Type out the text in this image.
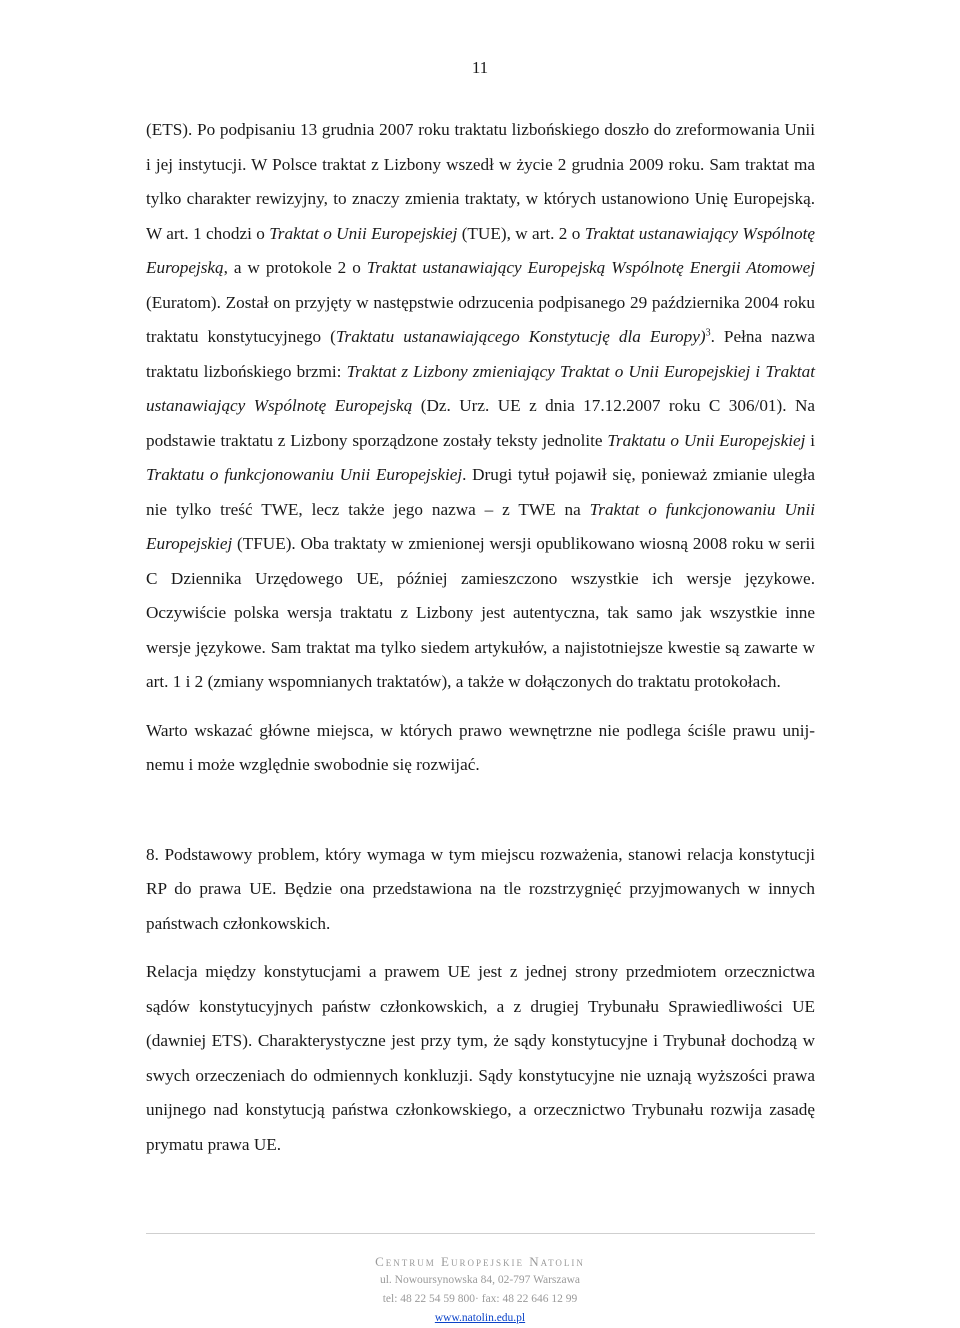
11

(ETS). Po podpisaniu 13 grudnia 2007 roku traktatu lizbońskiego doszło do zreformowania Unii i jej instytucji. W Polsce traktat z Lizbony wszedł w życie 2 grudnia 2009 roku. Sam traktat ma tylko charakter rewizyjny, to znaczy zmienia traktaty, w których ustanowiono Unię Europejską. W art. 1 chodzi o Traktat o Unii Europejskiej (TUE), w art. 2 o Traktat ustanawiający Wspólnotę Europejską, a w protokole 2 o Traktat ustanawiający Europejską Wspólnotę Energii Atomowej (Euratom). Został on przyjęty w następstwie odrzucenia podpisanego 29 października 2004 roku traktatu konstytucyjnego (Traktatu ustanawiającego Konstytucję dla Europy)$^3$. Pełna nazwa traktatu lizbońskiego brzmi: Traktat z Lizbony zmieniający Traktat o Unii Europejskiej i Traktat ustanawiający Wspólnotę Europejską (Dz. Urz. UE z dnia 17.12.2007 roku C 306/01). Na podstawie traktatu z Lizbony sporządzone zostały teksty jednolite Traktatu o Unii Europejskiej i Traktatu o funkcjonowaniu Unii Europejskiej. Drugi tytuł pojawił się, ponieważ zmianie uległa nie tylko treść TWE, lecz także jego nazwa – z TWE na Traktat o funkcjonowaniu Unii Europejskiej (TFUE). Oba traktaty w zmienionej wersji opublikowano wiosną 2008 roku w serii C Dziennika Urzędowego UE, później zamieszczono wszystkie ich wersje językowe. Oczywiście polska wersja traktatu z Lizbony jest autentyczna, tak samo jak wszystkie inne wersje językowe. Sam traktat ma tylko siedem artykułów, a najistotniejsze kwestie są zawarte w art. 1 i 2 (zmiany wspomnianych traktatów), a także w dołączonych do traktatu protokołach.

Warto wskazać główne miejsca, w których prawo wewnętrzne nie podlega ściśle prawu unijnemu i może względnie swobodnie się rozwijać.

8. Podstawowy problem, który wymaga w tym miejscu rozważenia, stanowi relacja konstytucji RP do prawa UE. Będzie ona przedstawiona na tle rozstrzygnięć przyjmowanych w innych państwach członkowskich.

Relacja między konstytucjami a prawem UE jest z jednej strony przedmiotem orzecznictwa sądów konstytucyjnych państw członkowskich, a z drugiej Trybunału Sprawiedliwości UE (dawniej ETS). Charakterystyczne jest przy tym, że sądy konstytucyjne i Trybunał dochodzą w swych orzeczeniach do odmiennych konkluzji. Sądy konstytucyjne nie uznają wyższości prawa unijnego nad konstytucją państwa członkowskiego, a orzecznictwo Trybunału rozwija zasadę prymatu prawa UE.

Centrum Europejskie Natolin
ul. Nowoursynowska 84, 02-797 Warszawa
tel: 48 22 54 59 800· fax: 48 22 646 12 99
www.natolin.edu.pl
